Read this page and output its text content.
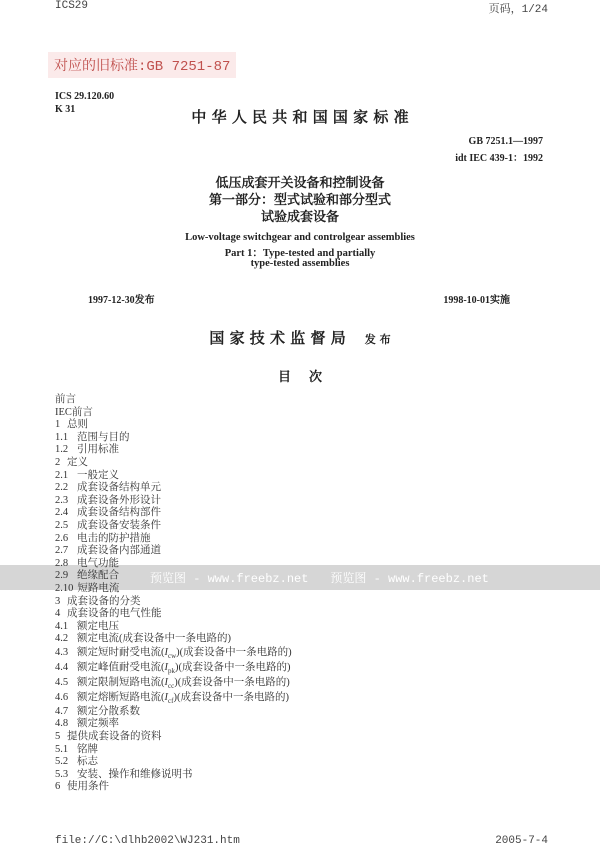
ICS29	页码，1/24
对应的旧标准:GB 7251-87
ICS 29.120.60
K 31	中 华 人 民 共 和 国 国 家 标 准
GB 7251.1—1997
idt IEC 439-1：1992
低压成套开关设备和控制设备
第一部分：型式试验和部分型式
试验成套设备
Low-voltage switchgear and controlgear assemblies
Part 1：Type-tested and partially
type-tested assemblies
1997-12-30发布	1998-10-01实施
国 家 技 术 监 督 局 发 布
目    次
前言
IEC前言
1 总则
1.1 范围与目的
1.2 引用标准
2 定义
2.1 一般定义
2.2 成套设备结构单元
2.3 成套设备外形设计
2.4 成套设备结构部件
2.5 成套设备安装条件
2.6 电击的防护措施
2.7 成套设备内部通道
2.8 电气功能
2.9 绝缘配合
2.10 短路电流
3 成套设备的分类
4 成套设备的电气性能
4.1 额定电压
4.2 额定电流(成套设备中一条电路的)
4.3 额定短时耐受电流$(I_{cw})$(成套设备中一条电路的)
4.4 额定峰值耐受电流$(I_{pk})$(成套设备中一条电路的)
4.5 额定限制短路电流$(I_{cc})$(成套设备中一条电路的)
4.6 额定熔断短路电流$(I_{cf})$(成套设备中一条电路的)
4.7 额定分散系数
4.8 额定频率
5 提供成套设备的资料
5.1 铭牌
5.2 标志
5.3 安装、操作和维修说明书
6 使用条件
预览图 - www.freebz.net 预览图 - www.freebz.net
file://C:\dlhb2002\WJ231.htm	2005-7-4
